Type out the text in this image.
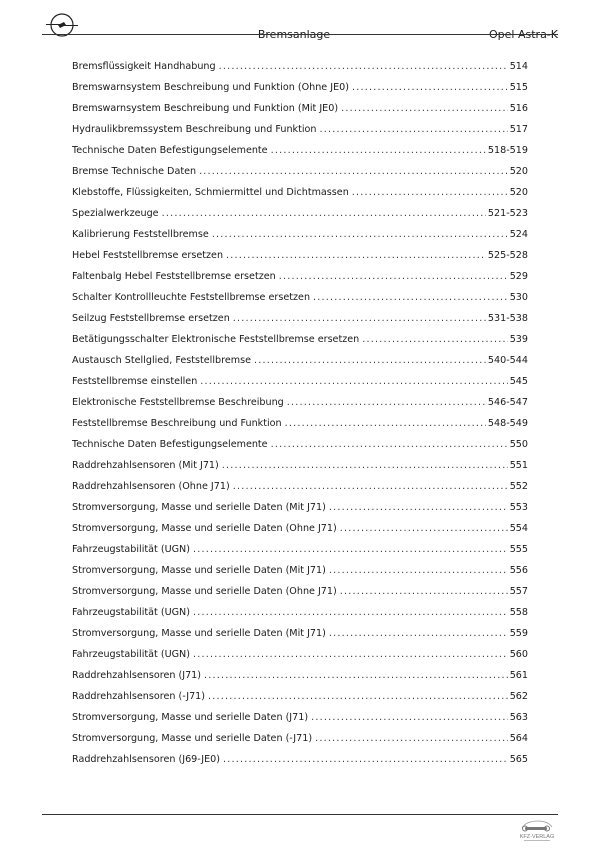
Bremsanlage	Opel Astra-K
Bremsflüssigkeit Handhabung .....	514
Bremswarnsystem Beschreibung und Funktion (Ohne JE0) .....	515
Bremswarnsystem Beschreibung und Funktion (Mit JE0) .....	516
Hydraulikbremssystem Beschreibung und Funktion .....	517
Technische Daten Befestigungselemente .....	518-519
Bremse Technische Daten .....	520
Klebstoffe, Flüssigkeiten, Schmiermittel und Dichtmassen .....	520
Spezialwerkzeuge .....	521-523
Kalibrierung Feststellbremse .....	524
Hebel Feststellbremse ersetzen .....	525-528
Faltenbalg Hebel Feststellbremse ersetzen .....	529
Schalter Kontrollleuchte Feststellbremse ersetzen .....	530
Seilzug Feststellbremse ersetzen .....	531-538
Betätigungsschalter Elektronische Feststellbremse ersetzen .....	539
Austausch Stellglied, Feststellbremse .....	540-544
Feststellbremse einstellen .....	545
Elektronische Feststellbremse Beschreibung .....	546-547
Feststellbremse Beschreibung und Funktion .....	548-549
Technische Daten Befestigungselemente .....	550
Raddrehzahlsensoren (Mit J71) .....	551
Raddrehzahlsensoren (Ohne J71) .....	552
Stromversorgung, Masse und serielle Daten (Mit J71) .....	553
Stromversorgung, Masse und serielle Daten (Ohne J71) .....	554
Fahrzeugstabilität (UGN) .....	555
Stromversorgung, Masse und serielle Daten (Mit J71) .....	556
Stromversorgung, Masse und serielle Daten (Ohne J71) .....	557
Fahrzeugstabilität (UGN) .....	558
Stromversorgung, Masse und serielle Daten (Mit J71) .....	559
Fahrzeugstabilität (UGN) .....	560
Raddrehzahlsensoren (J71) .....	561
Raddrehzahlsensoren (-J71) .....	562
Stromversorgung, Masse und serielle Daten (J71) .....	563
Stromversorgung, Masse und serielle Daten (-J71) .....	564
Raddrehzahlsensoren (J69-JE0) .....	565
KFZ-VERLAG
